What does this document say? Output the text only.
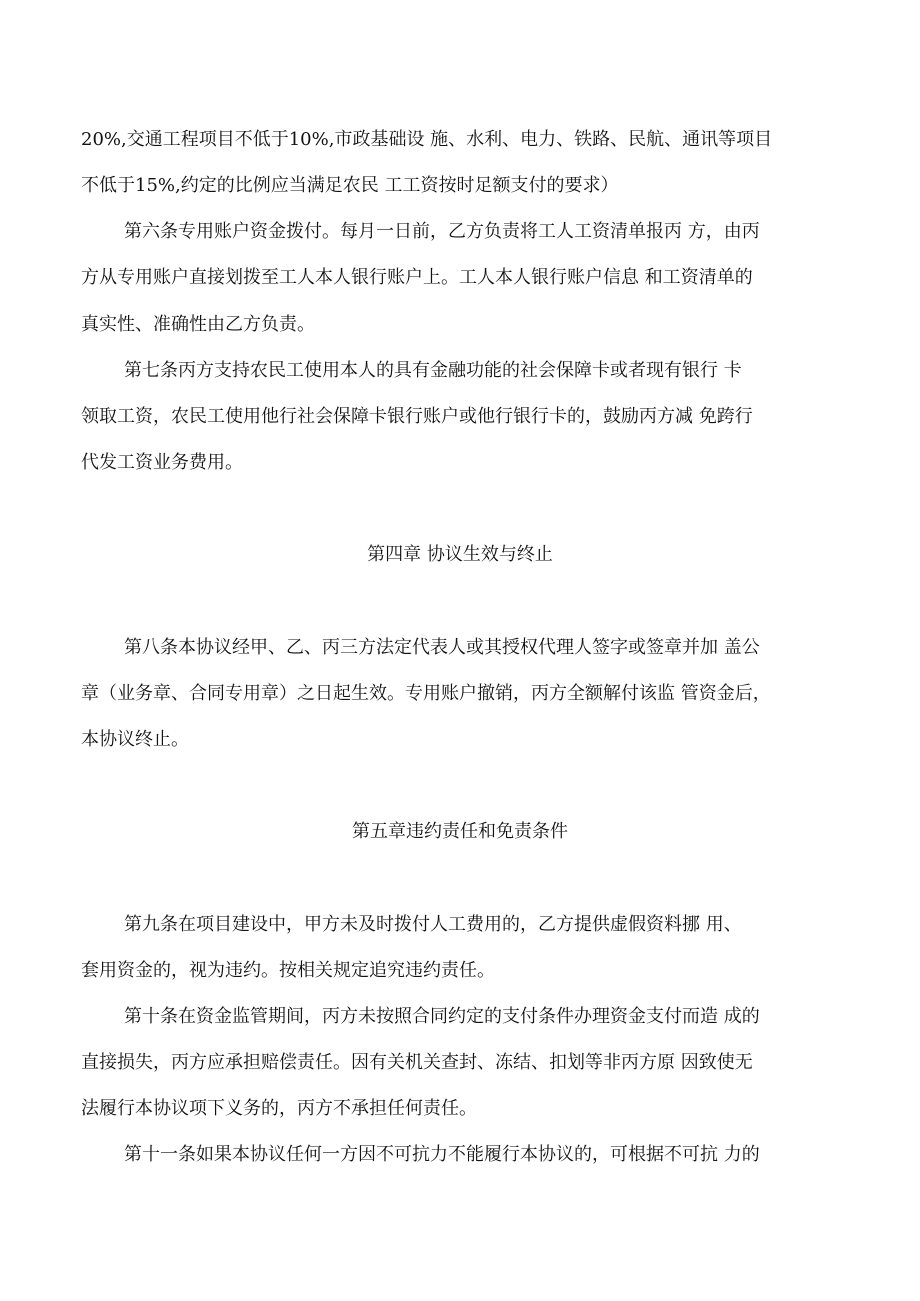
20%,交通工程项目不低于10%,市政基础设 施、水利、电力、铁路、民航、通讯等项目
不低于15%,约定的比例应当满足农民 工工资按时足额支付的要求）
第六条专用账户资金拨付。每月一日前，乙方负责将工人工资清单报丙 方，由丙
方从专用账户直接划拨至工人本人银行账户上。工人本人银行账户信息 和工资清单的
真实性、准确性由乙方负责。
第七条丙方支持农民工使用本人的具有金融功能的社会保障卡或者现有银行 卡
领取工资，农民工使用他行社会保障卡银行账户或他行银行卡的，鼓励丙方减 免跨行
代发工资业务费用。
第四章 协议生效与终止
第八条本协议经甲、乙、丙三方法定代表人或其授权代理人签字或签章并加 盖公
章（业务章、合同专用章）之日起生效。专用账户撤销，丙方全额解付该监 管资金后，
本协议终止。
第五章违约责任和免责条件
第九条在项目建设中，甲方未及时拨付人工费用的，乙方提供虚假资料挪 用、
套用资金的，视为违约。按相关规定追究违约责任。
第十条在资金监管期间，丙方未按照合同约定的支付条件办理资金支付而造 成的
直接损失，丙方应承担赔偿责任。因有关机关查封、冻结、扣划等非丙方原 因致使无
法履行本协议项下义务的，丙方不承担任何责任。
第十一条如果本协议任何一方因不可抗力不能履行本协议的，可根据不可抗 力的
